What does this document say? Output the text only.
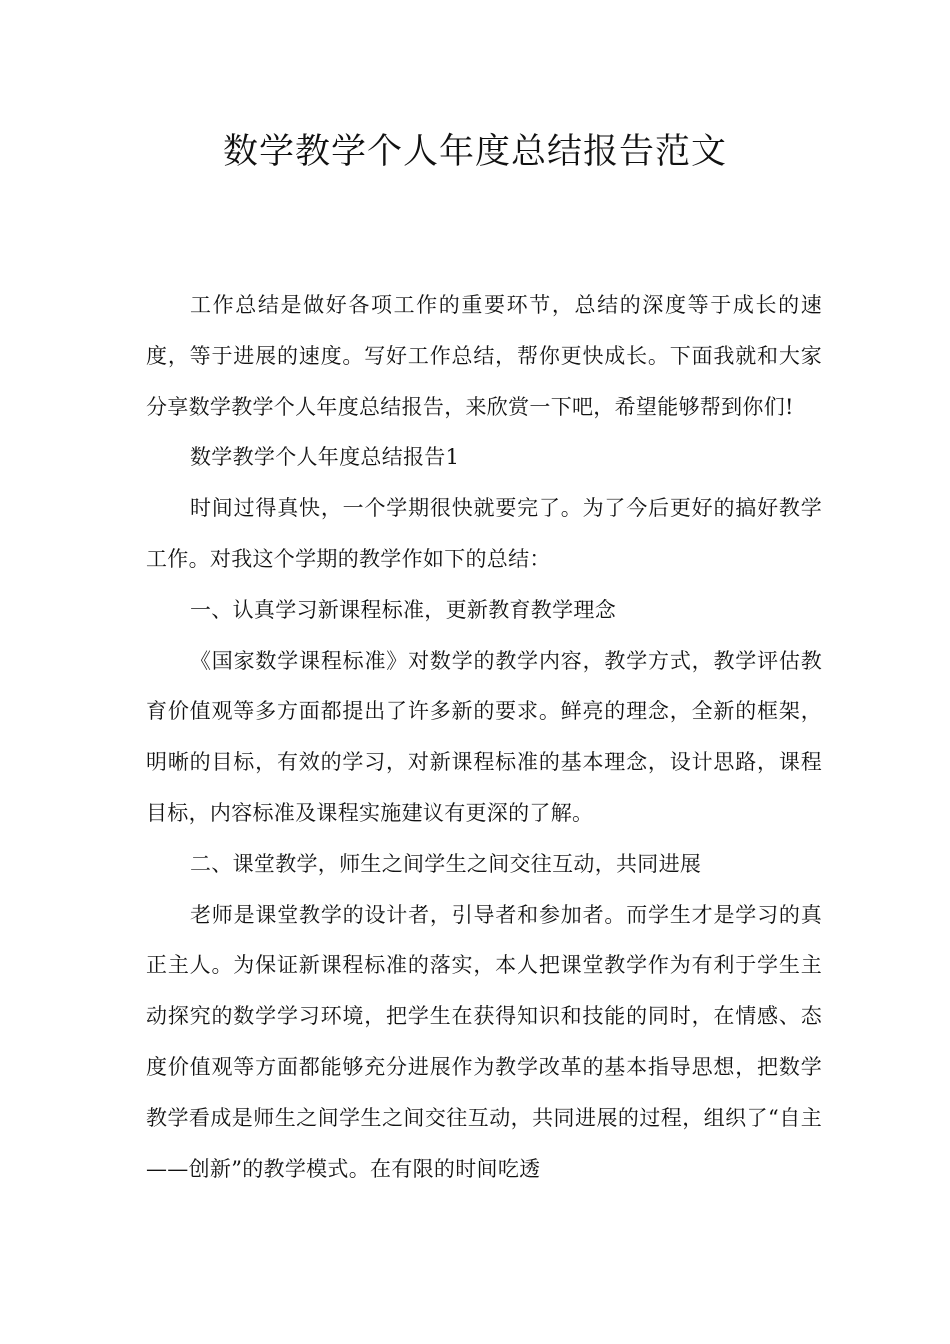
数学教学个人年度总结报告范文

工作总结是做好各项工作的重要环节，总结的深度等于成长的速度，等于进展的速度。写好工作总结，帮你更快成长。下面我就和大家分享数学教学个人年度总结报告，来欣赏一下吧，希望能够帮到你们!

数学教学个人年度总结报告1

时间过得真快，一个学期很快就要完了。为了今后更好的搞好教学工作。对我这个学期的教学作如下的总结：

一、认真学习新课程标准，更新教育教学理念

《国家数学课程标准》对数学的教学内容，教学方式，教学评估教育价值观等多方面都提出了许多新的要求。鲜亮的理念，全新的框架，明晰的目标，有效的学习，对新课程标准的基本理念，设计思路，课程目标，内容标准及课程实施建议有更深的了解。

二、课堂教学，师生之间学生之间交往互动，共同进展

老师是课堂教学的设计者，引导者和参加者。而学生才是学习的真正主人。为保证新课程标准的落实，本人把课堂教学作为有利于学生主动探究的数学学习环境，把学生在获得知识和技能的同时，在情感、态度价值观等方面都能够充分进展作为教学改革的基本指导思想，把数学教学看成是师生之间学生之间交往互动，共同进展的过程，组织了“自主——创新”的教学模式。在有限的时间吃透
